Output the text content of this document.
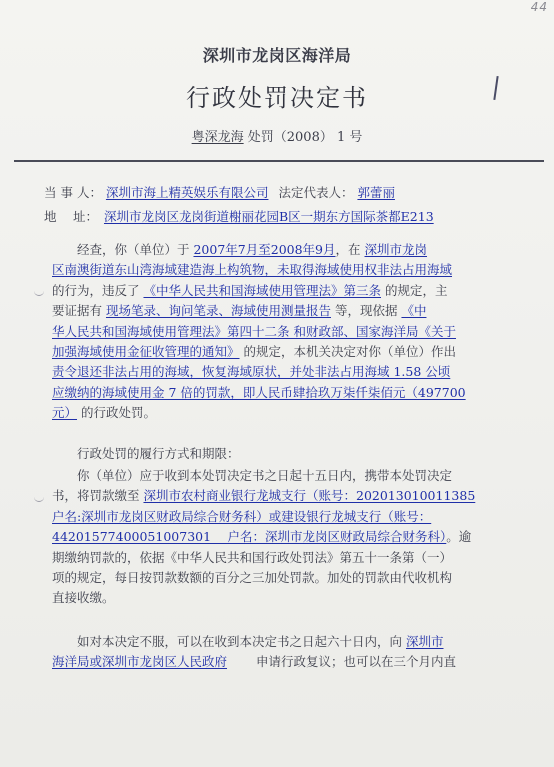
44
深圳市龙岗区海洋局
行政处罚决定书
粤深龙海 处罚（2008） 1 号
当 事 人： 深圳市海上精英娱乐有限公司 法定代表人： 郭蕾丽
地　 址： 深圳市龙岗区龙岗街道榭丽花园B区一期东方国际茶都E213
　　经查，你（单位）于 2007年7月至2008年9月，在 深圳市龙岗
区南澳街道东山湾海域建造海上构筑物，未取得海域使用权非法占用海域
的行为，违反了 《中华人民共和国海域使用管理法》第三条 的规定，主
要证据有 现场笔录、询问笔录、海域使用测量报告 等，现依据 《中
华人民共和国海域使用管理法》第四十二条 和财政部、国家海洋局《关于
加强海域使用金征收管理的通知》 的规定，本机关决定对你（单位）作出
责令退还非法占用的海域，恢复海域原状，并处非法占用海域 1.58 公顷
应缴纳的海域使用金 7 倍的罚款，即人民币肆拾玖万柒仟柒佰元（497700
元） 的行政处罚。
　　行政处罚的履行方式和期限：
　　你（单位）应于收到本处罚决定书之日起十五日内，携带本处罚决定
书，将罚款缴至 深圳市农村商业银行龙城支行（账号：202013010011385
户名:深圳市龙岗区财政局综合财务科）或建设银行龙城支行（账号：
44201577400051007301　 户名：深圳市龙岗区财政局综合财务科）。逾
期缴纳罚款的，依据《中华人民共和国行政处罚法》第五十一条第（一）
项的规定，每日按罚款数额的百分之三加处罚款。加处的罚款由代收机构
直接收缴。
　　如对本决定不服，可以在收到本决定书之日起六十日内，向 深圳市
海洋局或深圳市龙岗区人民政府　　 申请行政复议；也可以在三个月内直
